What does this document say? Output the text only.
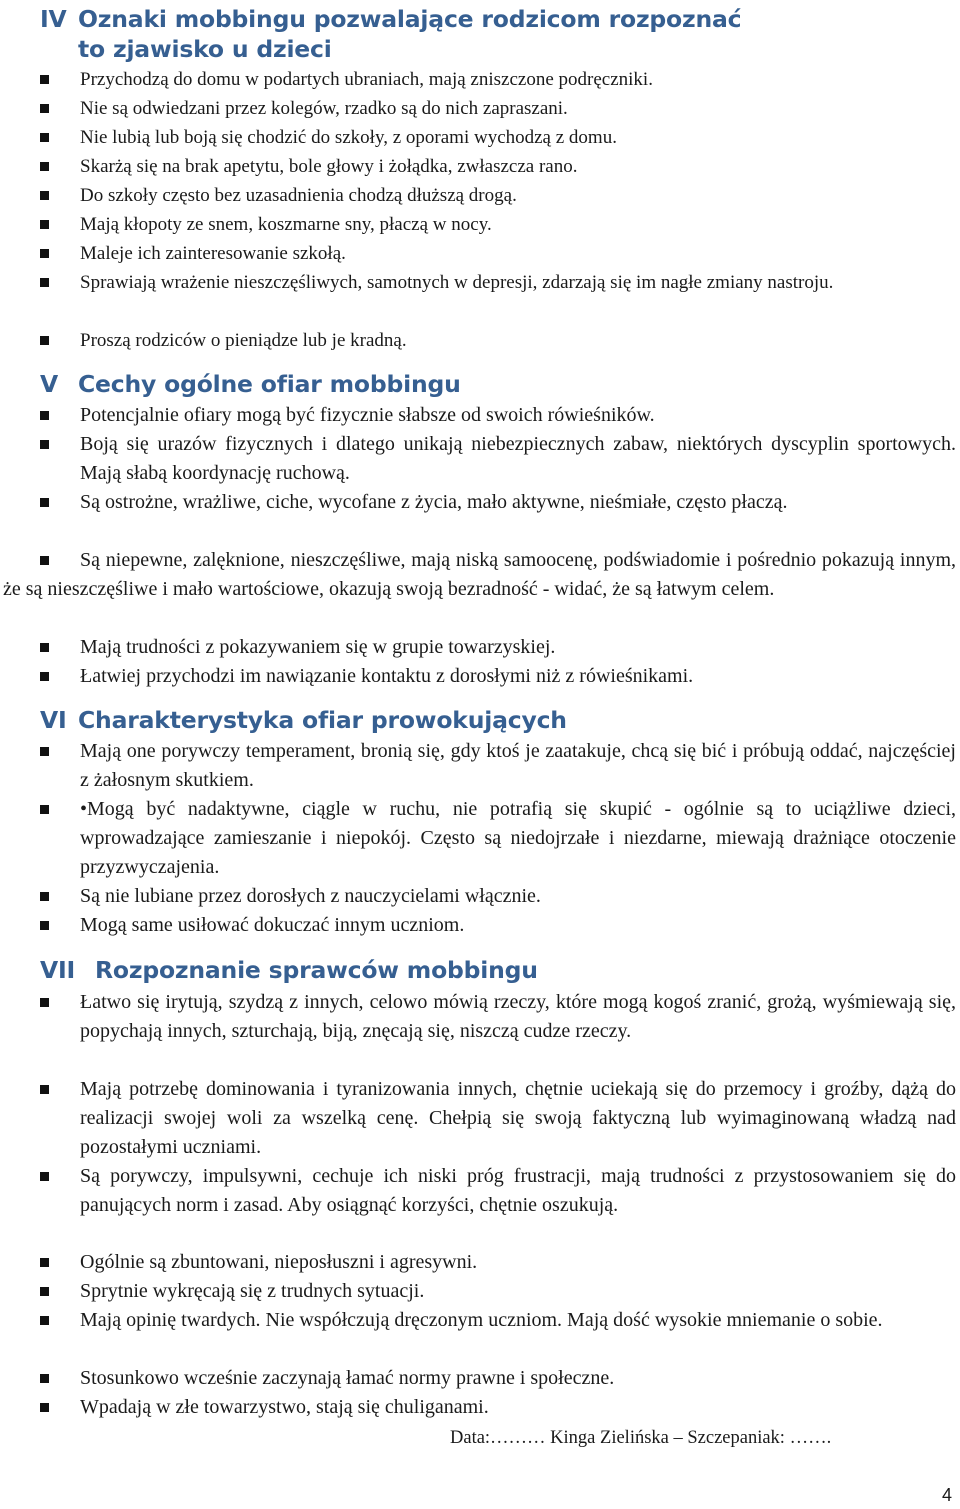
IV Oznaki mobbingu pozwalające rodzicom rozpoznać
to zjawisko u dzieci
Przychodzą do domu w podartych ubraniach, mają zniszczone podręczniki.
Nie są odwiedzani przez kolegów, rzadko są do nich zapraszani.
Nie lubią lub boją się chodzić do szkoły, z oporami wychodzą z domu.
Skarżą się na brak apetytu, bole głowy i żołądka, zwłaszcza rano.
Do szkoły często bez uzasadnienia chodzą dłuższą drogą.
Mają kłopoty ze snem, koszmarne sny, płaczą w nocy.
Maleje ich zainteresowanie szkołą.
Sprawiają wrażenie nieszczęśliwych, samotnych w depresji, zdarzają się im nagłe zmiany nastroju.
Proszą rodziców o pieniądze lub je kradną.
V Cechy ogólne ofiar mobbingu
Potencjalnie ofiary mogą być fizycznie słabsze od swoich rówieśników.
Boją się urazów fizycznych i dlatego unikają niebezpiecznych zabaw, niektórych dyscyplin sportowych. Mają słabą koordynację ruchową.
Są ostrożne, wrażliwe, ciche, wycofane z życia, mało aktywne, nieśmiałe, często płaczą.
Są niepewne, zalęknione, nieszczęśliwe, mają niską samoocenę, podświadomie i pośrednio pokazują innym, że są nieszczęśliwe i mało wartościowe, okazują swoją bezradność - widać, że są łatwym celem.
Mają trudności z pokazywaniem się w grupie towarzyskiej.
Łatwiej przychodzi im nawiązanie kontaktu z dorosłymi niż z rówieśnikami.
VI Charakterystyka ofiar prowokujących
Mają one porywczy temperament, bronią się, gdy ktoś je zaatakuje, chcą się bić i próbują oddać, najczęściej z żałosnym skutkiem.
•Mogą być nadaktywne, ciągle w ruchu, nie potrafią się skupić - ogólnie są to uciążliwe dzieci, wprowadzające zamieszanie i niepokój. Często są niedojrzałe i niezdarne, miewają drażniące otoczenie przyzwyczajenia.
Są nie lubiane przez dorosłych z nauczycielami włącznie.
Mogą same usiłować dokuczać innym uczniom.
VII Rozpoznanie sprawców mobbingu
Łatwo się irytują, szydzą z innych, celowo mówią rzeczy, które mogą kogoś zranić, grożą, wyśmiewają się, popychają innych, szturchają, biją, znęcają się, niszczą cudze rzeczy.
Mają potrzebę dominowania i tyranizowania innych, chętnie uciekają się do przemocy i groźby, dążą do realizacji swojej woli za wszelką cenę. Chełpią się swoją faktyczną lub wyimaginowaną władzą nad pozostałymi uczniami.
Są porywczy, impulsywni, cechuje ich niski próg frustracji, mają trudności z przystosowaniem się do panujących norm i zasad. Aby osiągnąć korzyści, chętnie oszukują.
Ogólnie są zbuntowani, nieposłuszni i agresywni.
Sprytnie wykręcają się z trudnych sytuacji.
Mają opinię twardych. Nie współczują dręczonym uczniom. Mają dość wysokie mniemanie o sobie.
Stosunkowo wcześnie zaczynają łamać normy prawne i społeczne.
Wpadają w złe towarzystwo, stają się chuliganami.
Data:……… Kinga Zielińska – Szczepaniak: …….
4
